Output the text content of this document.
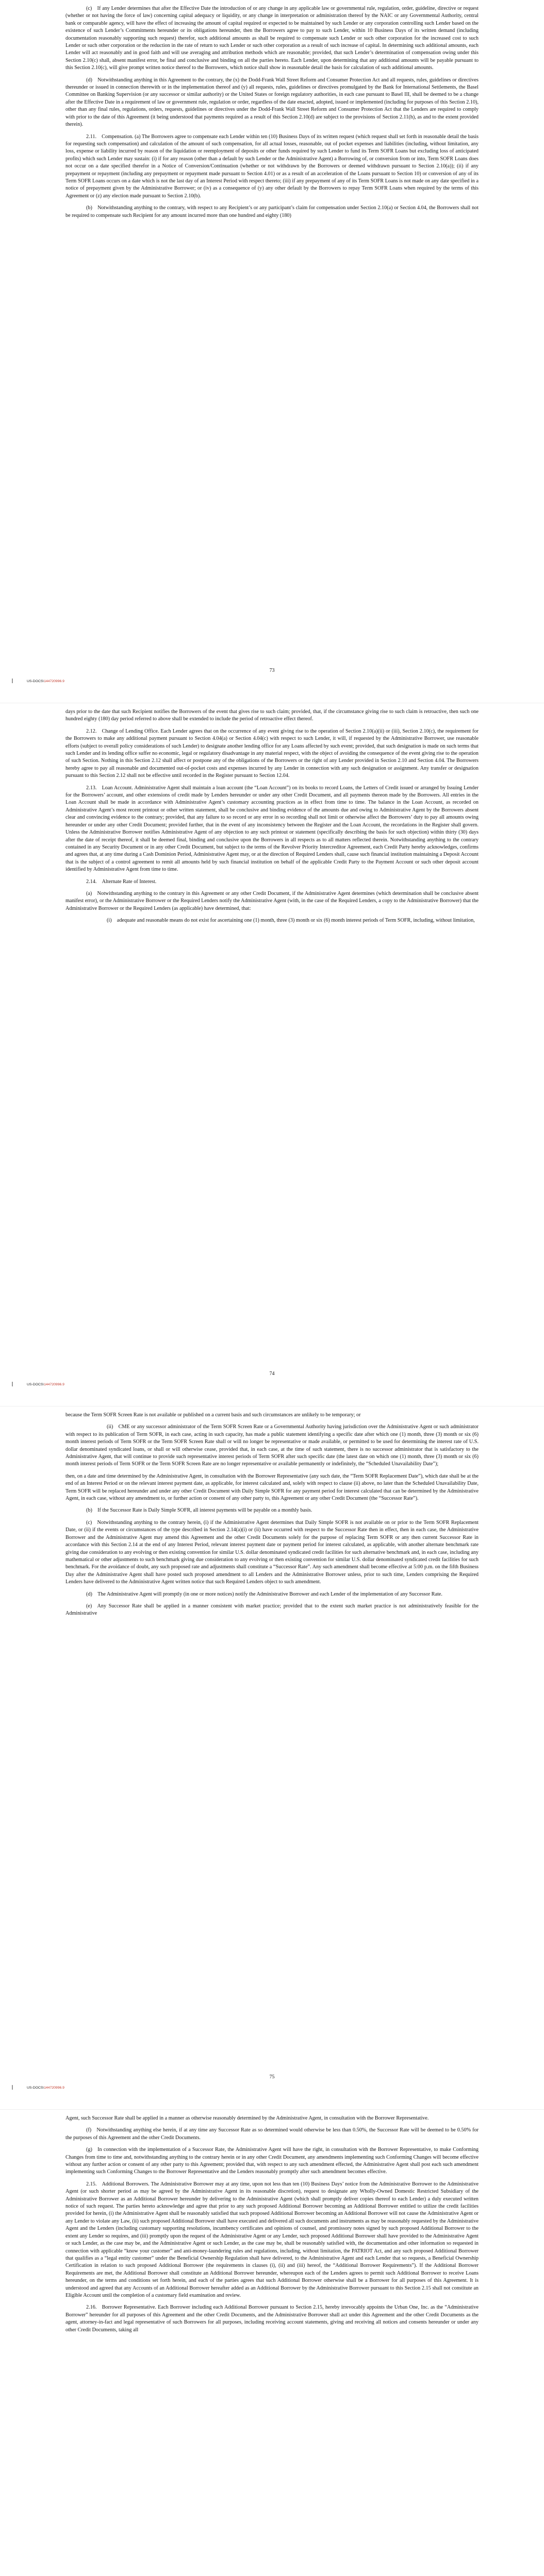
(c) If any Lender determines that after the Effective Date the introduction of or any change in any applicable law or governmental rule, regulation, order, guideline, directive or request (whether or not having the force of law) concerning capital adequacy or liquidity, or any change in interpretation or administration thereof by the NAIC or any Governmental Authority, central bank or comparable agency, will have the effect of increasing the amount of capital required or expected to be maintained by such Lender or any corporation controlling such Lender based on the existence of such Lender’s Commitments hereunder or its obligations hereunder, then the Borrowers agree to pay to such Lender, within 10 Business Days of its written demand (including documentation reasonably supporting such request) therefor, such additional amounts as shall be required to compensate such Lender or such other corporation for the increased cost to such Lender or such other corporation or the reduction in the rate of return to such Lender or such other corporation as a result of such increase of capital. In determining such additional amounts, each Lender will act reasonably and in good faith and will use averaging and attribution methods which are reasonable; provided, that such Lender’s determination of compensation owing under this Section 2.10(c) shall, absent manifest error, be final and conclusive and binding on all the parties hereto. Each Lender, upon determining that any additional amounts will be payable pursuant to this Section 2.10(c), will give prompt written notice thereof to the Borrowers, which notice shall show in reasonable detail the basis for calculation of such additional amounts.

(d) Notwithstanding anything in this Agreement to the contrary, the (x) the Dodd-Frank Wall Street Reform and Consumer Protection Act and all requests, rules, guidelines or directives thereunder or issued in connection therewith or in the implementation thereof and (y) all requests, rules, guidelines or directives promulgated by the Bank for International Settlements, the Basel Committee on Banking Supervision (or any successor or similar authority) or the United States or foreign regulatory authorities, in each case pursuant to Basel III, shall be deemed to be a change after the Effective Date in a requirement of law or government rule, regulation or order, regardless of the date enacted, adopted, issued or implemented (including for purposes of this Section 2.10), other than any final rules, regulations, orders, requests, guidelines or directives under the Dodd-Frank Wall Street Reform and Consumer Protection Act that the Lenders are required to comply with prior to the date of this Agreement (it being understood that payments required as a result of this Section 2.10(d) are subject to the provisions of Section 2.11(h), as and to the extent provided therein).

2.11. Compensation. (a) The Borrowers agree to compensate each Lender within ten (10) Business Days of its written request (which request shall set forth in reasonable detail the basis for requesting such compensation) and calculation of the amount of such compensation, for all actual losses, reasonable, out of pocket expenses and liabilities (including, without limitation, any loss, expense or liability incurred by reason of the liquidation or reemployment of deposits or other funds required by such Lender to fund its Term SOFR Loans but excluding loss of anticipated profits) which such Lender may sustain: (i) if for any reason (other than a default by such Lender or the Administrative Agent) a Borrowing of, or conversion from or into, Term SOFR Loans does not occur on a date specified therefor in a Notice of Conversion/Continuation (whether or not withdrawn by the Borrowers or deemed withdrawn pursuant to Section 2.10(a)); (ii) if any prepayment or repayment (including any prepayment or repayment made pursuant to Section 4.01) or as a result of an acceleration of the Loans pursuant to Section 10) or conversion of any of its Term SOFR Loans occurs on a date which is not the last day of an Interest Period with respect thereto; (iii) if any prepayment of any of its Term SOFR Loans is not made on any date specified in a notice of prepayment given by the Administrative Borrower; or (iv) as a consequence of (y) any other default by the Borrowers to repay Term SOFR Loans when required by the terms of this Agreement or (z) any election made pursuant to Section 2.10(b).

(b) Notwithstanding anything to the contrary, with respect to any Recipient’s or any participant’s claim for compensation under Section 2.10(a) or Section 4.04, the Borrowers shall not be required to compensate such Recipient for any amount incurred more than one hundred and eighty (180)

73
US-DOCS\144720996.9

days prior to the date that such Recipient notifies the Borrowers of the event that gives rise to such claim; provided, that, if the circumstance giving rise to such claim is retroactive, then such one hundred eighty (180) day period referred to above shall be extended to include the period of retroactive effect thereof.

2.12. Change of Lending Office. Each Lender agrees that on the occurrence of any event giving rise to the operation of Section 2.10(a)(ii) or (iii), Section 2.10(c), the requirement for the Borrowers to make any additional payment pursuant to Section 4.04(a) or Section 4.04(c) with respect to such Lender, it will, if requested by the Administrative Borrower, use reasonable efforts (subject to overall policy considerations of such Lender) to designate another lending office for any Loans affected by such event; provided, that such designation is made on such terms that such Lender and its lending office suffer no economic, legal or regulatory disadvantage in any material respect, with the object of avoiding the consequence of the event giving rise to the operation of such Section. Nothing in this Section 2.12 shall affect or postpone any of the obligations of the Borrowers or the right of any Lender provided in Section 2.10 and Section 4.04. The Borrowers hereby agree to pay all reasonable and documented out-of-pocket costs and expenses incurred by any Lender in connection with any such designation or assignment. Any transfer or designation pursuant to this Section 2.12 shall not be effective until recorded in the Register pursuant to Section 12.04.

2.13. Loan Account. Administrative Agent shall maintain a loan account (the “Loan Account”) on its books to record Loans, the Letters of Credit issued or arranged by Issuing Lender for the Borrowers’ account, and other extensions of credit made by Lenders hereunder or under any other Credit Document, and all payments thereon made by the Borrowers. All entries in the Loan Account shall be made in accordance with Administrative Agent’s customary accounting practices as in effect from time to time. The balance in the Loan Account, as recorded on Administrative Agent’s most recent printout or other written statement, shall be conclusive and binding evidence of the amounts due and owing to Administrative Agent by the Borrowers absent clear and convincing evidence to the contrary; provided, that any failure to so record or any error in so recording shall not limit or otherwise affect the Borrowers’ duty to pay all amounts owing hereunder or under any other Credit Document; provided further, that in the event of any inconsistency between the Register and the Loan Account, the recordations in the Register shall govern. Unless the Administrative Borrower notifies Administrative Agent of any objection to any such printout or statement (specifically describing the basis for such objection) within thirty (30) days after the date of receipt thereof, it shall be deemed final, binding and conclusive upon the Borrowers in all respects as to all matters reflected therein. Notwithstanding anything to the contrary contained in any Security Document or in any other Credit Document, but subject to the terms of the Revolver Priority Intercreditor Agreement, each Credit Party hereby acknowledges, confirms and agrees that, at any time during a Cash Dominion Period, Administrative Agent may, or at the direction of Required Lenders shall, cause such financial institution maintaining a Deposit Account that is the subject of a control agreement to remit all amounts held by such financial institution on behalf of the applicable Credit Party to the Payment Account or such other deposit account identified by Administrative Agent from time to time.

2.14. Alternate Rate of Interest.

(a) Notwithstanding anything to the contrary in this Agreement or any other Credit Document, if the Administrative Agent determines (which determination shall be conclusive absent manifest error), or the Administrative Borrower or the Required Lenders notify the Administrative Agent (with, in the case of the Required Lenders, a copy to the Administrative Borrower) that the Administrative Borrower or the Required Lenders (as applicable) have determined, that:

(i) adequate and reasonable means do not exist for ascertaining one (1) month, three (3) month or six (6) month interest periods of Term SOFR, including, without limitation,

74
US-DOCS\144720996.9

because the Term SOFR Screen Rate is not available or published on a current basis and such circumstances are unlikely to be temporary; or

(ii) CME or any successor administrator of the Term SOFR Screen Rate or a Governmental Authority having jurisdiction over the Administrative Agent or such administrator with respect to its publication of Term SOFR, in each case, acting in such capacity, has made a public statement identifying a specific date after which one (1) month, three (3) month or six (6) month interest periods of Term SOFR or the Term SOFR Screen Rate shall or will no longer be representative or made available, or permitted to be used for determining the interest rate of U.S. dollar denominated syndicated loans, or shall or will otherwise cease, provided that, in each case, at the time of such statement, there is no successor administrator that is satisfactory to the Administrative Agent, that will continue to provide such representative interest periods of Term SOFR after such specific date (the latest date on which one (1) month, three (3) month or six (6) month interest periods of Term SOFR or the Term SOFR Screen Rate are no longer representative or available permanently or indefinitely, the “Scheduled Unavailability Date”);

then, on a date and time determined by the Administrative Agent, in consultation with the Borrower Representative (any such date, the “Term SOFR Replacement Date”), which date shall be at the end of an Interest Period or on the relevant interest payment date, as applicable, for interest calculated and, solely with respect to clause (ii) above, no later than the Scheduled Unavailability Date, Term SOFR will be replaced hereunder and under any other Credit Document with Daily Simple SOFR for any payment period for interest calculated that can be determined by the Administrative Agent, in each case, without any amendment to, or further action or consent of any other party to, this Agreement or any other Credit Document (the “Successor Rate”).

(b) If the Successor Rate is Daily Simple SOFR, all interest payments will be payable on a monthly basis.

(c) Notwithstanding anything to the contrary herein, (i) if the Administrative Agent determines that Daily Simple SOFR is not available on or prior to the Term SOFR Replacement Date, or (ii) if the events or circumstances of the type described in Section 2.14(a)(i) or (ii) have occurred with respect to the Successor Rate then in effect, then in each case, the Administrative Borrower and the Administrative Agent may amend this Agreement and the other Credit Documents solely for the purpose of replacing Term SOFR or any then current Successor Rate in accordance with this Section 2.14 at the end of any Interest Period, relevant interest payment date or payment period for interest calculated, as applicable, with another alternate benchmark rate giving due consideration to any evolving or then existing convention for similar U.S. dollar denominated syndicated credit facilities for such alternative benchmark and, in each case, including any mathematical or other adjustments to such benchmark giving due consideration to any evolving or then existing convention for similar U.S. dollar denominated syndicated credit facilities for such benchmark. For the avoidance of doubt, any such proposed rate and adjustments shall constitute a “Successor Rate”. Any such amendment shall become effective at 5:00 p.m. on the fifth Business Day after the Administrative Agent shall have posted such proposed amendment to all Lenders and the Administrative Borrower unless, prior to such time, Lenders comprising the Required Lenders have delivered to the Administrative Agent written notice that such Required Lenders object to such amendment.

(d) The Administrative Agent will promptly (in one or more notices) notify the Administrative Borrower and each Lender of the implementation of any Successor Rate.

(e) Any Successor Rate shall be applied in a manner consistent with market practice; provided that to the extent such market practice is not administratively feasible for the Administrative

75
US-DOCS\144720996.9

Agent, such Successor Rate shall be applied in a manner as otherwise reasonably determined by the Administrative Agent, in consultation with the Borrower Representative.

(f) Notwithstanding anything else herein, if at any time any Successor Rate as so determined would otherwise be less than 0.50%, the Successor Rate will be deemed to be 0.50% for the purposes of this Agreement and the other Credit Documents.

(g) In connection with the implementation of a Successor Rate, the Administrative Agent will have the right, in consultation with the Borrower Representative, to make Conforming Changes from time to time and, notwithstanding anything to the contrary herein or in any other Credit Document, any amendments implementing such Conforming Changes will become effective without any further action or consent of any other party to this Agreement; provided that, with respect to any such amendment effected, the Administrative Agent shall post each such amendment implementing such Conforming Changes to the Borrower Representative and the Lenders reasonably promptly after such amendment becomes effective.

2.15. Additional Borrowers. The Administrative Borrower may at any time, upon not less than ten (10) Business Days’ notice from the Administrative Borrower to the Administrative Agent (or such shorter period as may be agreed by the Administrative Agent in its reasonable discretion), request to designate any Wholly-Owned Domestic Restricted Subsidiary of the Administrative Borrower as an Additional Borrower hereunder by delivering to the Administrative Agent (which shall promptly deliver copies thereof to each Lender) a duly executed written notice of such request. The parties hereto acknowledge and agree that prior to any such proposed Additional Borrower becoming an Additional Borrower entitled to utilize the credit facilities provided for herein, (i) the Administrative Agent shall be reasonably satisfied that such proposed Additional Borrower becoming an Additional Borrower will not cause the Administrative Agent or any Lender to violate any Law, (ii) such proposed Additional Borrower shall have executed and delivered all such documents and instruments as may be reasonably requested by the Administrative Agent and the Lenders (including customary supporting resolutions, incumbency certificates and opinions of counsel, and promissory notes signed by such proposed Additional Borrower to the extent any Lender so requires, and (iii) promptly upon the request of the Administrative Agent or any Lender, such proposed Additional Borrower shall have provided to the Administrative Agent or such Lender, as the case may be, and the Administrative Agent or such Lender, as the case may be, shall be reasonably satisfied with, the documentation and other information so requested in connection with applicable “know your customer” and anti-money-laundering rules and regulations, including, without limitation, the PATRIOT Act, and any such proposed Additional Borrower that qualifies as a “legal entity customer” under the Beneficial Ownership Regulation shall have delivered, to the Administrative Agent and each Lender that so requests, a Beneficial Ownership Certification in relation to such proposed Additional Borrower (the requirements in clauses (i), (ii) and (iii) hereof, the “Additional Borrower Requirements”). If the Additional Borrower Requirements are met, the Additional Borrower shall constitute an Additional Borrower hereunder, whereupon each of the Lenders agrees to permit such Additional Borrower to receive Loans hereunder, on the terms and conditions set forth herein, and each of the parties agrees that such Additional Borrower otherwise shall be a Borrower for all purposes of this Agreement. It is understood and agreed that any Accounts of an Additional Borrower hereafter added as an Additional Borrower by the Administrative Borrower pursuant to this Section 2.15 shall not constitute an Eligible Account until the completion of a customary field examination and review.

2.16. Borrower Representative. Each Borrower including each Additional Borrower pursuant to Section 2.15, hereby irrevocably appoints the Urban One, Inc. as the “Administrative Borrower” hereunder for all purposes of this Agreement and the other Credit Documents, and the Administrative Borrower shall act under this Agreement and the other Credit Documents as the agent, attorney-in-fact and legal representative of such Borrowers for all purposes, including receiving account statements, giving and receiving all notices and consents hereunder or under any other Credit Documents, taking all
